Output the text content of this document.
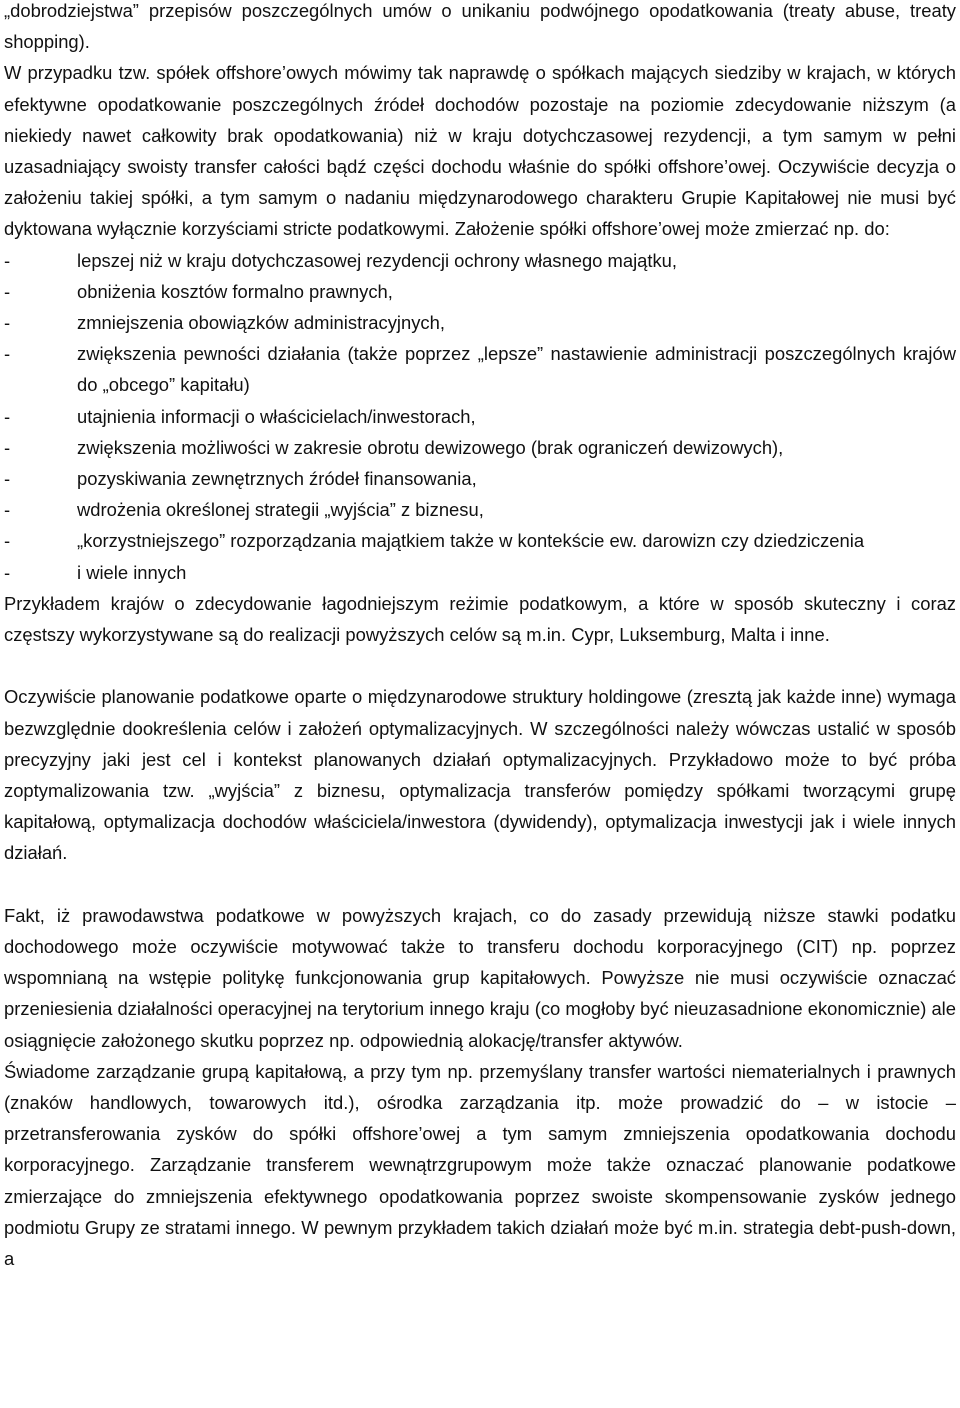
„dobrodziejstwa” przepisów poszczególnych umów o unikaniu podwójnego opodatkowania (treaty abuse, treaty shopping).

W przypadku tzw. spółek offshore’owych mówimy tak naprawdę o spółkach mających siedziby w krajach, w których efektywne opodatkowanie poszczególnych źródeł dochodów pozostaje na poziomie zdecydowanie niższym (a niekiedy nawet całkowity brak opodatkowania) niż w kraju dotychczasowej rezydencji, a tym samym w pełni uzasadniający swoisty transfer całości bądź części dochodu właśnie do spółki offshore’owej. Oczywiście decyzja o założeniu takiej spółki, a tym samym o nadaniu międzynarodowego charakteru Grupie Kapitałowej nie musi być dyktowana wyłącznie korzyściami stricte podatkowymi. Założenie spółki offshore’owej może zmierzać np. do:

-	lepszej niż w kraju dotychczasowej rezydencji ochrony własnego majątku,
-	obniżenia kosztów formalno prawnych,
-	zmniejszenia obowiązków administracyjnych,
-	zwiększenia pewności działania (także poprzez „lepsze” nastawienie administracji poszczególnych krajów do „obcego” kapitału)
-	utajnienia informacji o właścicielach/inwestorach,
-	zwiększenia możliwości w zakresie obrotu dewizowego (brak ograniczeń dewizowych),
-	pozyskiwania zewnętrznych źródeł finansowania,
-	wdrożenia określonej strategii „wyjścia” z biznesu,
-	„korzystniejszego” rozporządzania majątkiem także w kontekście ew. darowizn czy dziedziczenia
-	i wiele innych

Przykładem krajów o zdecydowanie łagodniejszym reżimie podatkowym, a które w sposób skuteczny i coraz częstszy wykorzystywane są do realizacji powyższych celów są m.in. Cypr, Luksemburg, Malta i inne.

Oczywiście planowanie podatkowe oparte o międzynarodowe struktury holdingowe (zresztą jak każde inne) wymaga bezwzględnie dookreślenia celów i założeń optymalizacyjnych. W szczególności należy wówczas ustalić w sposób precyzyjny jaki jest cel i kontekst planowanych działań optymalizacyjnych. Przykładowo może to być próba zoptymalizowania tzw. „wyjścia” z biznesu, optymalizacja transferów pomiędzy spółkami tworzącymi grupę kapitałową, optymalizacja dochodów właściciela/inwestora (dywidendy), optymalizacja inwestycji jak i wiele innych działań.

Fakt, iż prawodawstwa podatkowe w powyższych krajach, co do zasady przewidują niższe stawki podatku dochodowego może oczywiście motywować także to transferu dochodu korporacyjnego (CIT) np. poprzez wspomnianą na wstępie politykę funkcjonowania grup kapitałowych. Powyższe nie musi oczywiście oznaczać przeniesienia działalności operacyjnej na terytorium innego kraju (co mogłoby być nieuzasadnione ekonomicznie) ale osiągnięcie założonego skutku poprzez np. odpowiednią alokację/transfer aktywów.

Świadome zarządzanie grupą kapitałową, a przy tym np. przemyślany transfer wartości niematerialnych i prawnych (znaków handlowych, towarowych itd.), ośrodka zarządzania itp. może prowadzić do – w istocie – przetransferowania zysków do spółki offshore’owej a tym samym zmniejszenia opodatkowania dochodu korporacyjnego. Zarządzanie transferem wewnątrzgrupowym może także oznaczać planowanie podatkowe zmierzające do zmniejszenia efektywnego opodatkowania poprzez swoiste skompensowanie zysków jednego podmiotu Grupy ze stratami innego. W pewnym przykładem takich działań może być m.in. strategia debt-push-down, a
